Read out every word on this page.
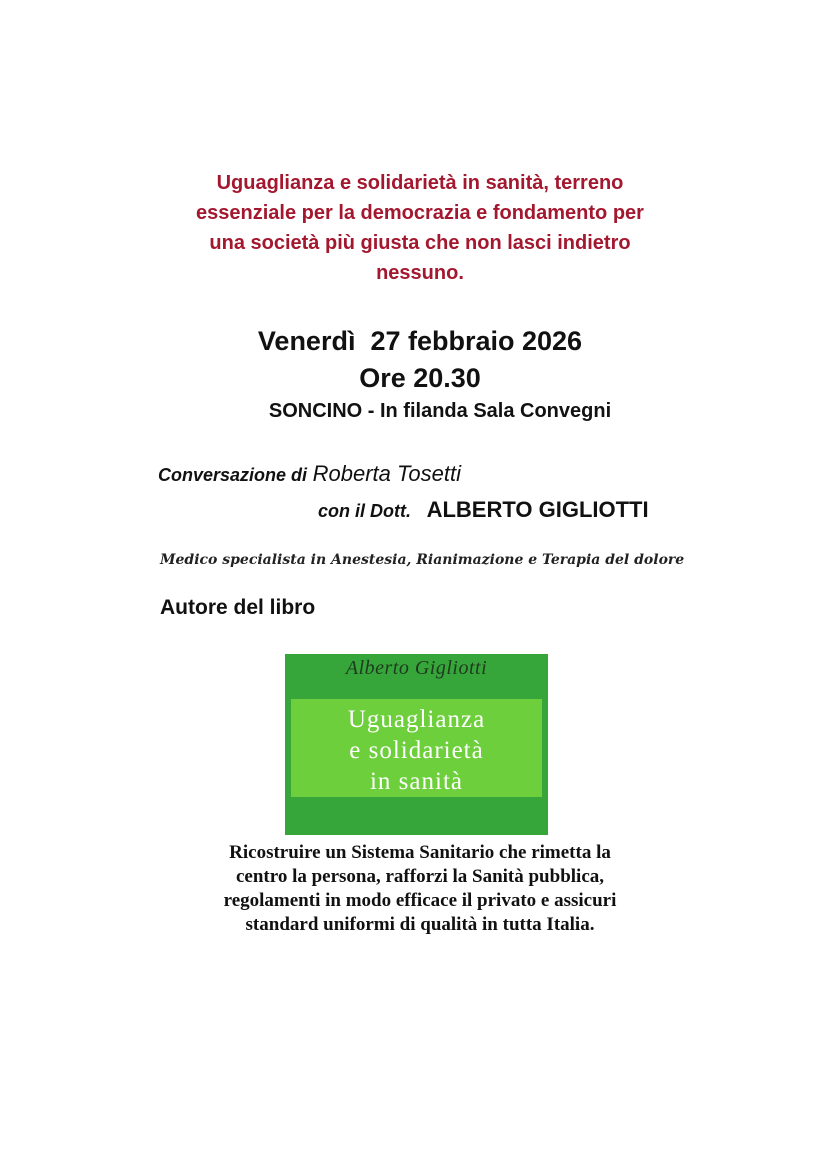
Uguaglianza e solidarietà in sanità, terreno
essenziale per la democrazia e fondamento per
una società più giusta che non lasci indietro
nessuno.
Venerdì  27 febbraio 2026
Ore 20.30
SONCINO - In filanda Sala Convegni
Conversazione di Roberta Tosetti
con il Dott. ALBERTO GIGLIOTTI
Medico specialista in Anestesia, Rianimazione e Terapia del dolore
Autore del libro
Alberto Gigliotti
Uguaglianza
e solidarietà
in sanità
Ricostruire un Sistema Sanitario che rimetta la
centro la persona, rafforzi la Sanità pubblica,
regolamenti in modo efficace il privato e assicuri
standard uniformi di qualità in tutta Italia.
